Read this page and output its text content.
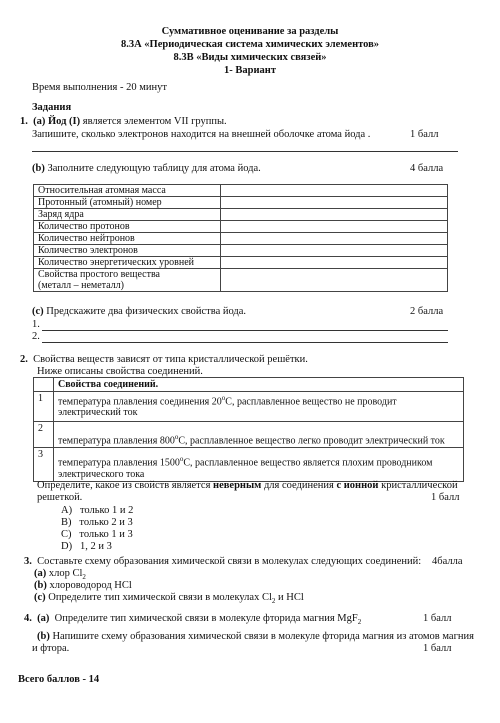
Суммативное оценивание за разделы
8.3А «Периодическая система химических элементов»
8.3В «Виды химических связей»
1- Вариант
Время выполнения - 20 минут
Задания
1. (a) Йод (I) является элементом VII группы.
Запишите, сколько электронов находится на внешней оболочке атома йода .	1 балл
(b) Заполните следующую таблицу для атома йода.	4 балла
Относительная атомная масса	
Протонный (атомный) номер	
Заряд ядра	
Количество протонов	
Количество нейтронов	
Количество электронов	
Количество энергетических уровней	
Свойства простого вещества
(металл – неметалл)	
(c) Предскажите два физических свойства йода.	2 балла
1.
2.
2. Свойства веществ зависят от типа кристаллической решётки.
Ниже описаны свойства соединений.
	Свойства соединений.
1	температура плавления соединения $20^оС$, расплавленное вещество не проводит
электрический ток
2	температура плавления $800^оС$, расплавленное вещество легко проводит электрический ток
3	температура плавления $1500^оС$, расплавленное вещество является плохим проводником
электрического тока
Определите, какое из свойств является неверным для соединения с ионной кристаллической
решеткой.	1 балл
A) только 1 и 2
B) только 2 и 3
C) только 1 и 3
D) 1, 2 и 3
3. Составьте схему образования химической связи в молекулах следующих соединений: 4балла
(a) хлор $Cl_2$
(b) хлороводород HCl
(c) Определите тип химической связи в молекулах $Cl_2$ и HCl
4. (a) Определите тип химической связи в молекуле фторида магния MgF$_2$	1 балл
(b) Напишите схему образования химической связи в молекуле фторида магния из атомов магния
и фтора.	1 балл
Всего баллов - 14
